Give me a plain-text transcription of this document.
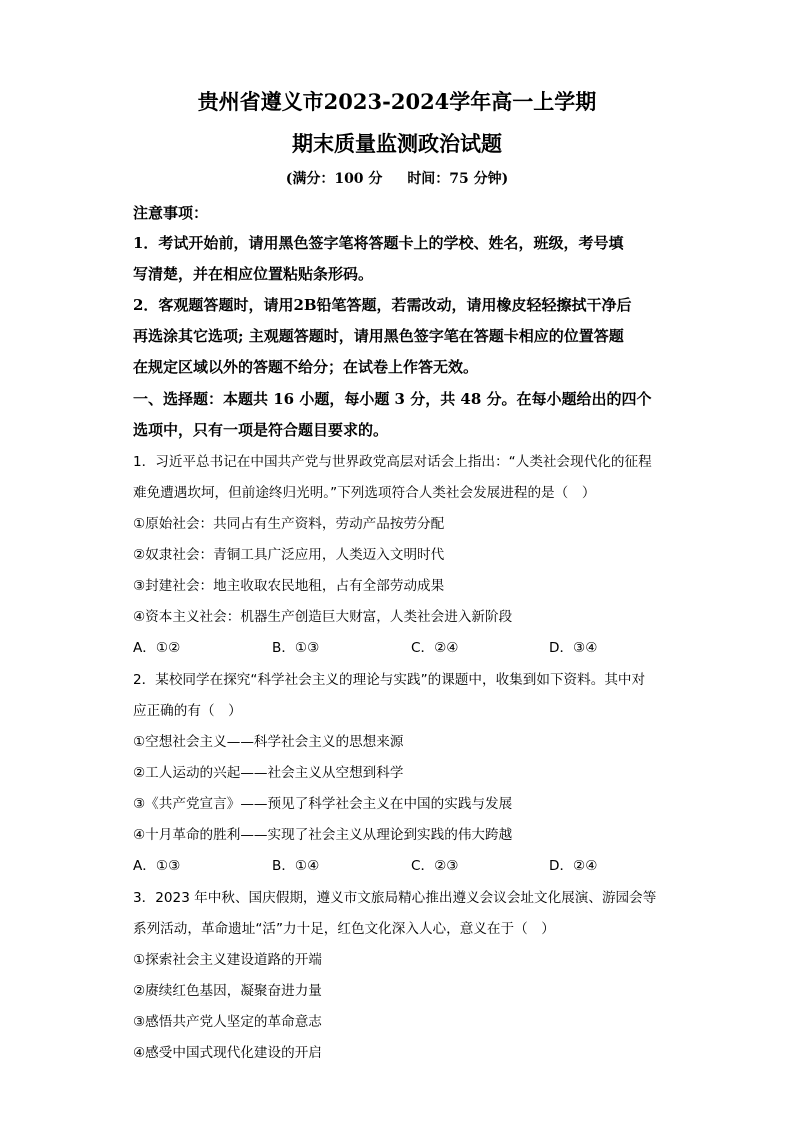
贵州省遵义市2023-2024学年高一上学期
期末质量监测政治试题
(满分：100 分 时间：75 分钟)
注意事项：
1．考试开始前，请用黑色签字笔将答题卡上的学校、姓名，班级，考号填
写清楚，并在相应位置粘贴条形码。
2．客观题答题时，请用2B铅笔答题，若需改动，请用橡皮轻轻擦拭干净后
再选涂其它选项; 主观题答题时，请用黑色签字笔在答题卡相应的位置答题
在规定区域以外的答题不给分；在试卷上作答无效。
一、选择题：本题共 16 小题，每小题 3 分，共 48 分。在每小题给出的四个
选项中，只有一项是符合题目要求的。
1．习近平总书记在中国共产党与世界政党高层对话会上指出：“人类社会现代化的征程
难免遭遇坎坷，但前途终归光明。”下列选项符合人类社会发展进程的是（　）
①原始社会：共同占有生产资料，劳动产品按劳分配
②奴隶社会：青铜工具广泛应用，人类迈入文明时代
③封建社会：地主收取农民地租，占有全部劳动成果
④资本主义社会：机器生产创造巨大财富，人类社会进入新阶段
A．①②	B．①③	C．②④	D．③④
2．某校同学在探究“科学社会主义的理论与实践”的课题中，收集到如下资料。其中对
应正确的有（　）
①空想社会主义——科学社会主义的思想来源
②工人运动的兴起——社会主义从空想到科学
③《共产党宣言》——预见了科学社会主义在中国的实践与发展
④十月革命的胜利——实现了社会主义从理论到实践的伟大跨越
A．①③	B．①④	C．②③	D．②④
3．2023 年中秋、国庆假期，遵义市文旅局精心推出遵义会议会址文化展演、游园会等
系列活动，革命遗址“活”力十足，红色文化深入人心，意义在于（　）
①探索社会主义建设道路的开端
②赓续红色基因，凝聚奋进力量
③感悟共产党人坚定的革命意志
④感受中国式现代化建设的开启
